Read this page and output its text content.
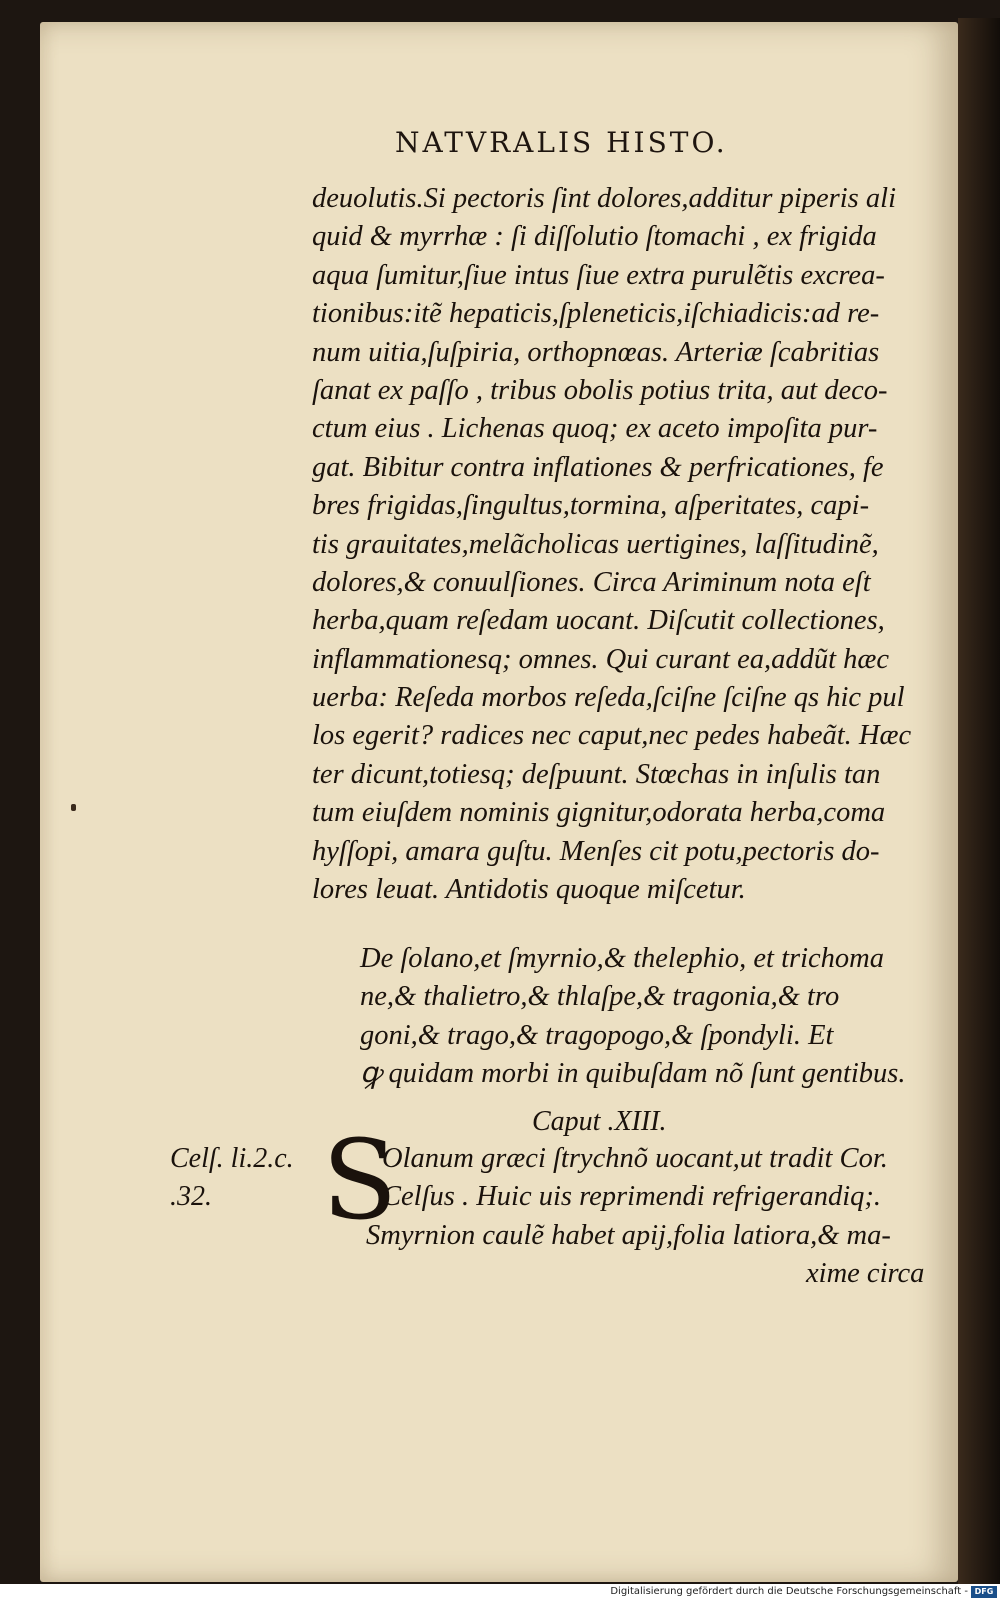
NATVRALIS HISTO.
deuolutis.Si pectoris ſint dolores,additur piperis ali
quid & myrrhæ : ſi diſſolutio ſtomachi , ex frigida
aqua ſumitur,ſiue intus ſiue extra purulẽtis excrea-
tionibus:itẽ hepaticis,ſpleneticis,iſchiadicis:ad re-
num uitia,ſuſpiria, orthopnœas. Arteriæ ſcabritias
ſanat ex paſſo , tribus obolis potius trita, aut deco-
ctum eius . Lichenas quoq; ex aceto impoſita pur-
gat. Bibitur contra inflationes & perfricationes, fe
bres frigidas,ſingultus,tormina, aſperitates, capi-
tis grauitates,melãcholicas uertigines, laſſitudinẽ,
dolores,& conuulſiones. Circa Ariminum nota eſt
herba,quam reſedam uocant. Diſcutit collectiones,
inflammationesq; omnes. Qui curant ea,addũt hæc
uerba: Reſeda morbos reſeda,ſciſne ſciſne qs hic pul
los egerit? radices nec caput,nec pedes habeãt. Hæc
ter dicunt,totiesq; deſpuunt. Stœchas in inſulis tan
tum eiuſdem nominis gignitur,odorata herba,coma
hyſſopi, amara guſtu. Menſes cit potu,pectoris do-
lores leuat. Antidotis quoque miſcetur.
De ſolano,et ſmyrnio,& thelephio, et trichoma
ne,& thalietro,& thlaſpe,& tragonia,& tro
goni,& trago,& tragopogo,& ſpondyli. Et
ꝙ quidam morbi in quibuſdam nõ ſunt gentibus.
Caput .XIII.
Celſ. li.2.c.
.32.	S
Olanum græci ſtrychnõ uocant,ut tradit Cor.
Celſus . Huic uis reprimendi refrigerandiq;.
Smyrnion caulẽ habet apij,folia latiora,& ma-
xime circa
Digitalisierung gefördert durch die Deutsche Forschungsgemeinschaft - DFG
